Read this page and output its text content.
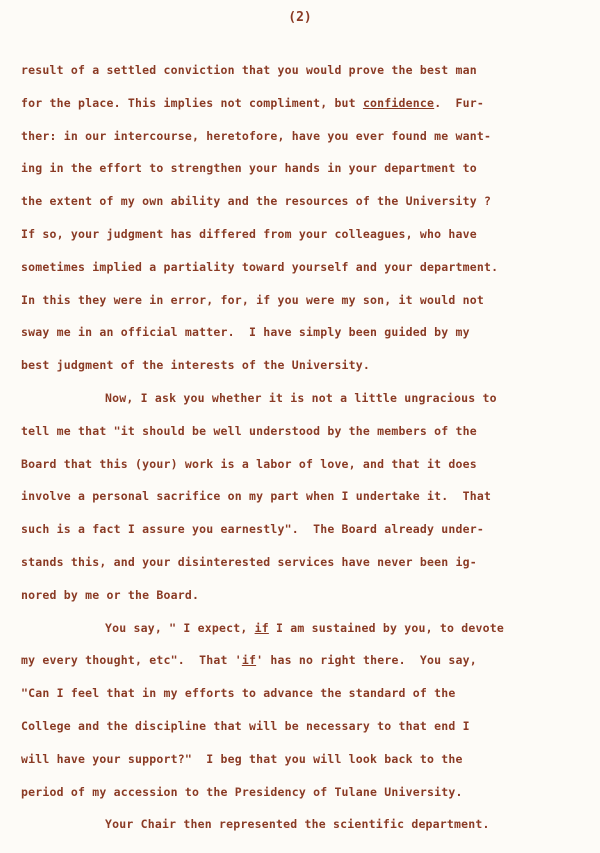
(2)
result of a settled conviction that you would prove the best man
for the place. This implies not compliment, but confidence.  Fur-
ther: in our intercourse, heretofore, have you ever found me want-
ing in the effort to strengthen your hands in your department to
the extent of my own ability and the resources of the University ?
If so, your judgment has differed from your colleagues, who have
sometimes implied a partiality toward yourself and your department.
In this they were in error, for, if you were my son, it would not
sway me in an official matter.  I have simply been guided by my
best judgment of the interests of the University.
Now, I ask you whether it is not a little ungracious to
tell me that "it should be well understood by the members of the
Board that this (your) work is a labor of love, and that it does
involve a personal sacrifice on my part when I undertake it.  That
such is a fact I assure you earnestly".  The Board already under-
stands this, and your disinterested services have never been ig-
nored by me or the Board.
You say, " I expect, if I am sustained by you, to devote
my every thought, etc".  That 'if' has no right there.  You say,
"Can I feel that in my efforts to advance the standard of the
College and the discipline that will be necessary to that end I
will have your support?"  I beg that you will look back to the
period of my accession to the Presidency of Tulane University.
Your Chair then represented the scientific department.
